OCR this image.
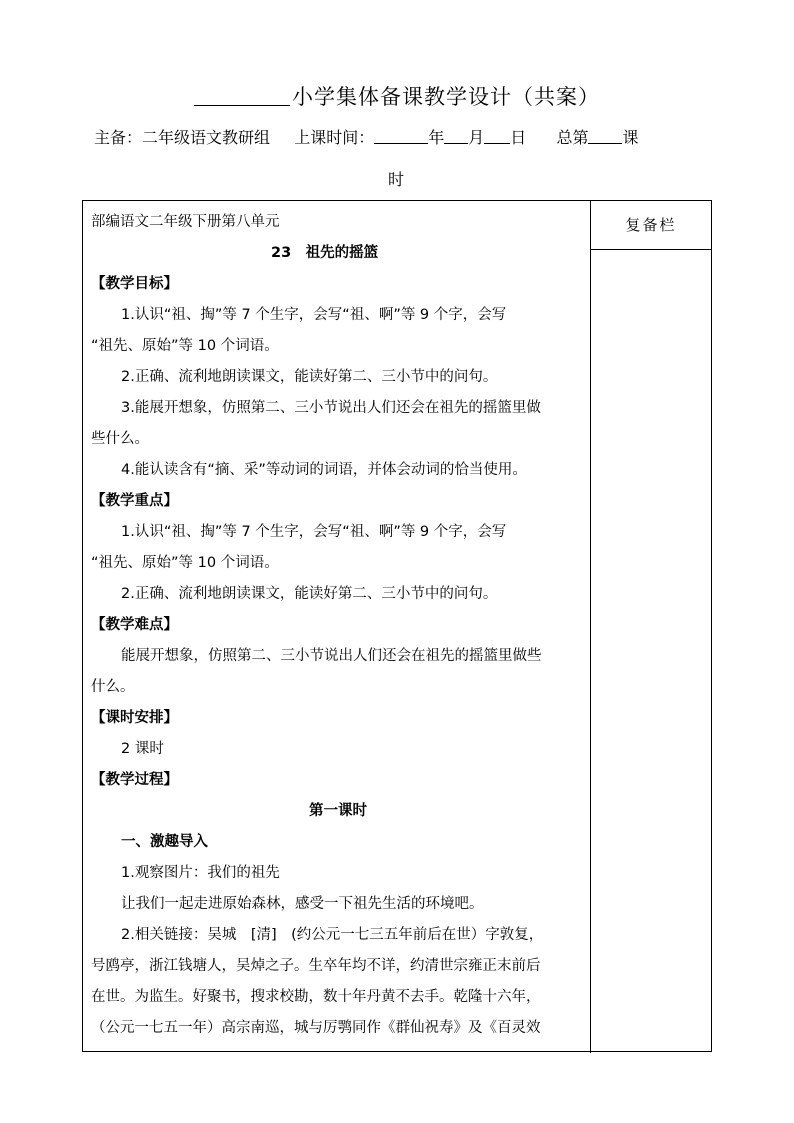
小学集体备课教学设计（共案）
主备：二年级语文教研组 上课时间：	年 月 日 总第 课
时
复备栏
部编语文二年级下册第八单元
23　祖先的摇篮
【教学目标】
1.认识“祖、掏”等 7 个生字，会写“祖、啊”等 9 个字，会写
“祖先、原始”等 10 个词语。
2.正确、流利地朗读课文，能读好第二、三小节中的问句。
3.能展开想象，仿照第二、三小节说出人们还会在祖先的摇篮里做
些什么。
4.能认读含有“摘、采”等动词的词语，并体会动词的恰当使用。
【教学重点】
1.认识“祖、掏”等 7 个生字，会写“祖、啊”等 9 个字，会写
“祖先、原始”等 10 个词语。
2.正确、流利地朗读课文，能读好第二、三小节中的问句。
【教学难点】
能展开想象，仿照第二、三小节说出人们还会在祖先的摇篮里做些
什么。
【课时安排】
2 课时
【教学过程】
第一课时
一、激趣导入
1.观察图片：我们的祖先
让我们一起走进原始森林，感受一下祖先生活的环境吧。
2.相关链接：吴城　[清]　(约公元一七三五年前后在世）字敦复，
号鸥亭，浙江钱塘人，吴焯之子。生卒年均不详，约清世宗雍正末前后
在世。为监生。好聚书，搜求校勘，数十年丹黄不去手。乾隆十六年，
（公元一七五一年）高宗南巡，城与厉鹗同作《群仙祝寿》及《百灵效
